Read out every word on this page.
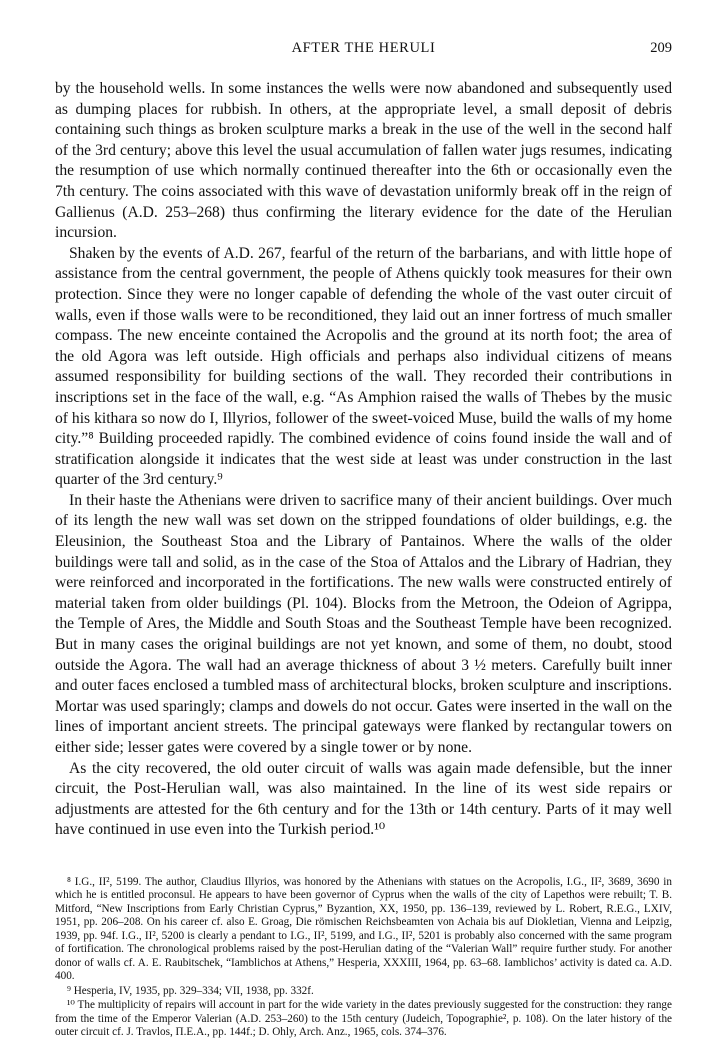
AFTER THE HERULI	209

by the household wells. In some instances the wells were now abandoned and subsequently used as dumping places for rubbish. In others, at the appropriate level, a small deposit of debris containing such things as broken sculpture marks a break in the use of the well in the second half of the 3rd century; above this level the usual accumulation of fallen water jugs resumes, indicating the resumption of use which normally continued thereafter into the 6th or occasionally even the 7th century. The coins associated with this wave of devastation uniformly break off in the reign of Gallienus (A.D. 253–268) thus confirming the literary evidence for the date of the Herulian incursion.

Shaken by the events of A.D. 267, fearful of the return of the barbarians, and with little hope of assistance from the central government, the people of Athens quickly took measures for their own protection. Since they were no longer capable of defending the whole of the vast outer circuit of walls, even if those walls were to be reconditioned, they laid out an inner fortress of much smaller compass. The new enceinte contained the Acropolis and the ground at its north foot; the area of the old Agora was left outside. High officials and perhaps also individual citizens of means assumed responsibility for building sections of the wall. They recorded their contributions in inscriptions set in the face of the wall, e.g. “As Amphion raised the walls of Thebes by the music of his kithara so now do I, Illyrios, follower of the sweet-voiced Muse, build the walls of my home city.”⁸ Building proceeded rapidly. The combined evidence of coins found inside the wall and of stratification alongside it indicates that the west side at least was under construction in the last quarter of the 3rd century.⁹

In their haste the Athenians were driven to sacrifice many of their ancient buildings. Over much of its length the new wall was set down on the stripped foundations of older buildings, e.g. the Eleusinion, the Southeast Stoa and the Library of Pantainos. Where the walls of the older buildings were tall and solid, as in the case of the Stoa of Attalos and the Library of Hadrian, they were reinforced and incorporated in the fortifications. The new walls were constructed entirely of material taken from older buildings (Pl. 104). Blocks from the Metroon, the Odeion of Agrippa, the Temple of Ares, the Middle and South Stoas and the Southeast Temple have been recognized. But in many cases the original buildings are not yet known, and some of them, no doubt, stood outside the Agora. The wall had an average thickness of about 3 ½ meters. Carefully built inner and outer faces enclosed a tumbled mass of architectural blocks, broken sculpture and inscriptions. Mortar was used sparingly; clamps and dowels do not occur. Gates were inserted in the wall on the lines of important ancient streets. The principal gateways were flanked by rectangular towers on either side; lesser gates were covered by a single tower or by none.

As the city recovered, the old outer circuit of walls was again made defensible, but the inner circuit, the Post-Herulian wall, was also maintained. In the line of its west side repairs or adjustments are attested for the 6th century and for the 13th or 14th century. Parts of it may well have continued in use even into the Turkish period.¹⁰

⁸ I.G., II², 5199. The author, Claudius Illyrios, was honored by the Athenians with statues on the Acropolis, I.G., II², 3689, 3690 in which he is entitled proconsul. He appears to have been governor of Cyprus when the walls of the city of Lapethos were rebuilt; T. B. Mitford, “New Inscriptions from Early Christian Cyprus,” Byzantion, XX, 1950, pp. 136–139, reviewed by L. Robert, R.E.G., LXIV, 1951, pp. 206–208. On his career cf. also E. Groag, Die römischen Reichsbeamten von Achaia bis auf Diokletian, Vienna and Leipzig, 1939, pp. 94f. I.G., II², 5200 is clearly a pendant to I.G., II², 5199, and I.G., II², 5201 is probably also concerned with the same program of fortification. The chronological problems raised by the post-Herulian dating of the “Valerian Wall” require further study. For another donor of walls cf. A. E. Raubitschek, “Iamblichos at Athens,” Hesperia, XXXIII, 1964, pp. 63–68. Iamblichos’ activity is dated ca. A.D. 400.

⁹ Hesperia, IV, 1935, pp. 329–334; VII, 1938, pp. 332f.

¹⁰ The multiplicity of repairs will account in part for the wide variety in the dates previously suggested for the construction: they range from the time of the Emperor Valerian (A.D. 253–260) to the 15th century (Judeich, Topographie², p. 108). On the later history of the outer circuit cf. J. Travlos, Π.Ε.Α., pp. 144f.; D. Ohly, Arch. Anz., 1965, cols. 374–376.
